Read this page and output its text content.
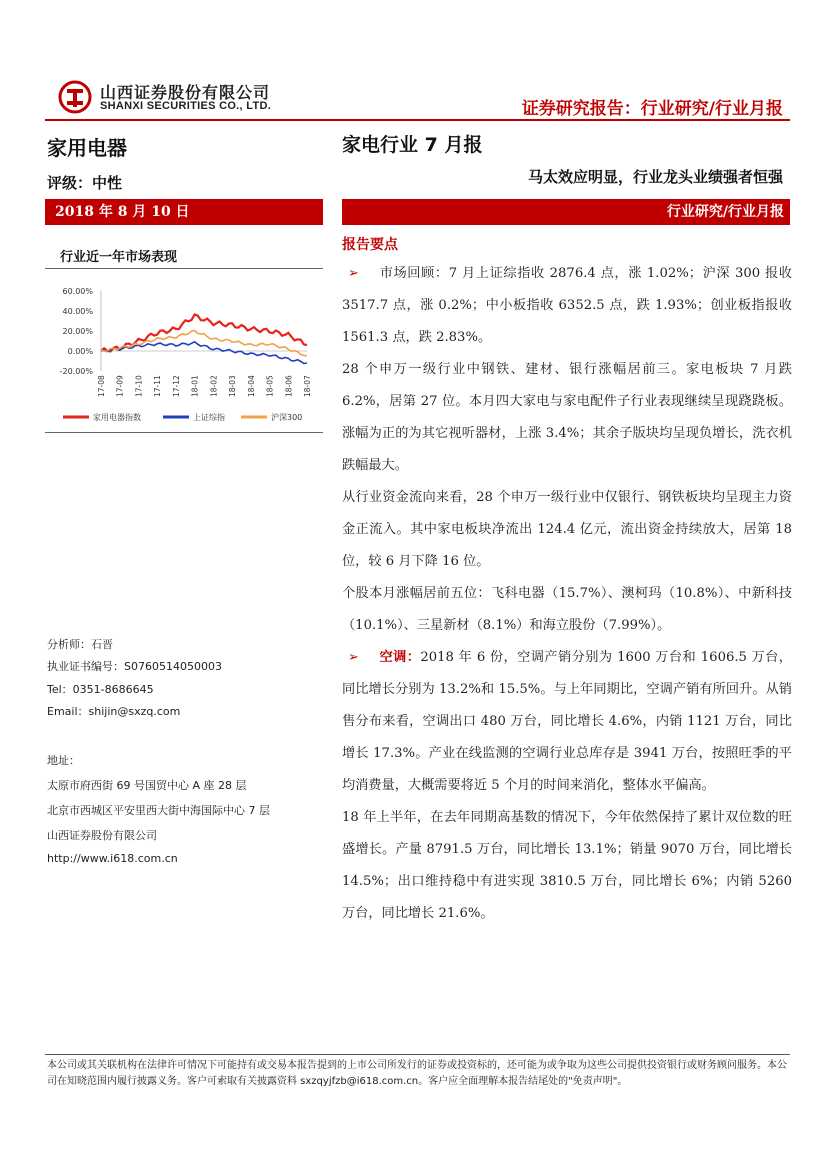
山西证券股份有限公司
SHANXI SECURITIES CO., LTD.	证券研究报告：行业研究/行业月报
家用电器	家电行业 7 月报
马太效应明显，行业龙头业绩强者恒强
评级：中性
2018 年 8 月 10 日	行业研究/行业月报
行业近一年市场表现
60.00%
40.00%
20.00%
0.00%
-20.00%
17-08 17-09 17-10 17-11 17-12 18-01 18-02 18-03 18-04 18-05 18-06 18-07
家用电器指数	上证综指	沪深300
报告要点

➢ 市场回顾：7 月上证综指收 2876.4 点，涨 1.02%；沪深 300 报收 3517.7 点，涨 0.2%；中小板指收 6352.5 点，跌 1.93%；创业板指报收 1561.3 点，跌 2.83%。

28 个申万一级行业中钢铁、建材、银行涨幅居前三。家电板块 7 月跌 6.2%，居第 27 位。本月四大家电与家电配件子行业表现继续呈现跷跷板。涨幅为正的为其它视听器材，上涨 3.4%；其余子版块均呈现负增长，洗衣机跌幅最大。

从行业资金流向来看，28 个申万一级行业中仅银行、钢铁板块均呈现主力资金正流入。其中家电板块净流出 124.4 亿元，流出资金持续放大，居第 18 位，较 6 月下降 16 位。

个股本月涨幅居前五位：飞科电器（15.7%）、澳柯玛（10.8%）、中新科技（10.1%）、三星新材（8.1%）和海立股份（7.99%）。

➢ 空调：2018 年 6 份，空调产销分别为 1600 万台和 1606.5 万台，同比增长分别为 13.2%和 15.5%。与上年同期比，空调产销有所回升。从销售分布来看，空调出口 480 万台，同比增长 4.6%，内销 1121 万台，同比增长 17.3%。产业在线监测的空调行业总库存是 3941 万台，按照旺季的平均消费量，大概需要将近 5 个月的时间来消化，整体水平偏高。

18 年上半年，在去年同期高基数的情况下，今年依然保持了累计双位数的旺盛增长。产量 8791.5 万台，同比增长 13.1%；销量 9070 万台，同比增长 14.5%；出口维持稳中有进实现 3810.5 万台，同比增长 6%；内销 5260 万台，同比增长 21.6%。

分析师：石晋
执业证书编号：S0760514050003
Tel：0351-8686645
Email：shijin@sxzq.com
地址：
太原市府西街 69 号国贸中心 A 座 28 层
北京市西城区平安里西大街中海国际中心 7 层
山西证券股份有限公司
http://www.i618.com.cn
本公司或其关联机构在法律许可情况下可能持有或交易本报告提到的上市公司所发行的证券或投资标的，还可能为或争取为这些公司提供投资银行或财务顾问服务。本公司在知晓范围内履行披露义务。客户可索取有关披露资料 sxzqyjfzb@i618.com.cn。客户应全面理解本报告结尾处的"免责声明"。
